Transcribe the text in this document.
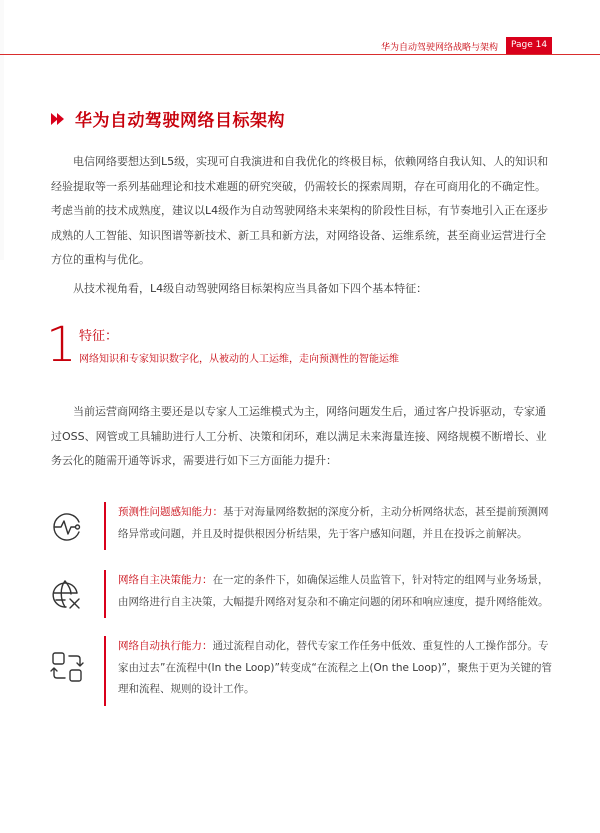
华为自动驾驶网络战略与架构	Page 14
华为自动驾驶网络目标架构

电信网络要想达到L5级，实现可自我演进和自我优化的终极目标，依赖网络自我认知、人的知识和经验提取等一系列基础理论和技术难题的研究突破，仍需较长的探索周期，存在可商用化的不确定性。考虑当前的技术成熟度，建议以L4级作为自动驾驶网络未来架构的阶段性目标，有节奏地引入正在逐步成熟的人工智能、知识图谱等新技术、新工具和新方法，对网络设备、运维系统，甚至商业运营进行全方位的重构与优化。

从技术视角看，L4级自动驾驶网络目标架构应当具备如下四个基本特征：

1 特征：
网络知识和专家知识数字化，从被动的人工运维，走向预测性的智能运维

当前运营商网络主要还是以专家人工运维模式为主，网络问题发生后，通过客户投诉驱动，专家通过OSS、网管或工具辅助进行人工分析、决策和闭环，难以满足未来海量连接、网络规模不断增长、业务云化的随需开通等诉求，需要进行如下三方面能力提升：

预测性问题感知能力：基于对海量网络数据的深度分析，主动分析网络状态，甚至提前预测网络异常或问题，并且及时提供根因分析结果，先于客户感知问题，并且在投诉之前解决。

网络自主决策能力：在一定的条件下，如确保运维人员监管下，针对特定的组网与业务场景，由网络进行自主决策，大幅提升网络对复杂和不确定问题的闭环和响应速度，提升网络能效。

网络自动执行能力：通过流程自动化，替代专家工作任务中低效、重复性的人工操作部分。专家由过去”在流程中(In the Loop)”转变成“在流程之上(On the Loop)”，聚焦于更为关键的管理和流程、规则的设计工作。
